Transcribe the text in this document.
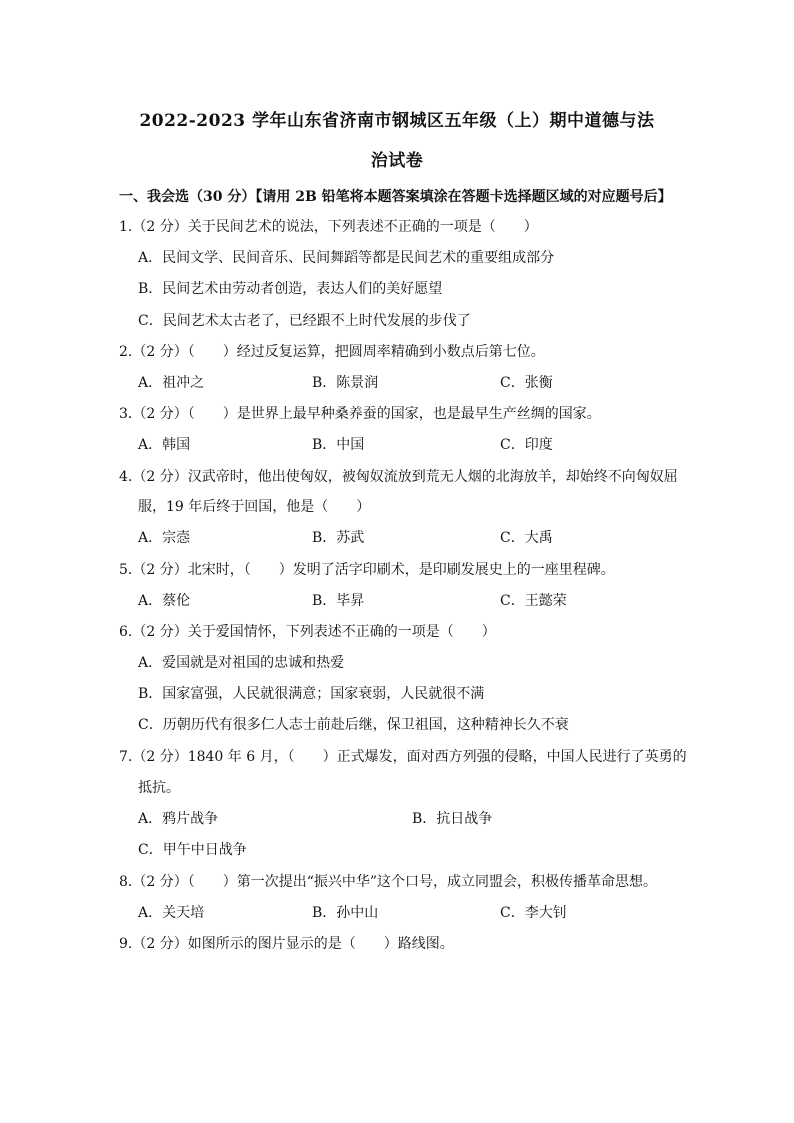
2022-2023 学年山东省济南市钢城区五年级（上）期中道德与法
治试卷
一、我会选（30 分）【请用 2B 铅笔将本题答案填涂在答题卡选择题区域的对应题号后】
1.（2 分）关于民间艺术的说法，下列表述不正确的一项是（　　）
A．民间文学、民间音乐、民间舞蹈等都是民间艺术的重要组成部分
B．民间艺术由劳动者创造，表达人们的美好愿望
C．民间艺术太古老了，已经跟不上时代发展的步伐了
2.（2 分）（　　）经过反复运算，把圆周率精确到小数点后第七位。
A．祖冲之	B．陈景润	C．张衡
3.（2 分）（　　）是世界上最早种桑养蚕的国家，也是最早生产丝绸的国家。
A．韩国	B．中国	C．印度
4.（2 分）汉武帝时，他出使匈奴，被匈奴流放到荒无人烟的北海放羊，却始终不向匈奴屈
服，19 年后终于回国，他是（　　）
A．宗悫	B．苏武	C．大禹
5.（2 分）北宋时，（　　）发明了活字印刷术，是印刷发展史上的一座里程碑。
A．蔡伦	B．毕昇	C．王懿荣
6.（2 分）关于爱国情怀，下列表述不正确的一项是（　　）
A．爱国就是对祖国的忠诚和热爱
B．国家富强，人民就很满意；国家衰弱，人民就很不满
C．历朝历代有很多仁人志士前赴后继，保卫祖国，这种精神长久不衰
7.（2 分）1840 年 6 月，（　　）正式爆发，面对西方列强的侵略，中国人民进行了英勇的
抵抗。
A．鸦片战争	B．抗日战争
C．甲午中日战争
8.（2 分）（　　）第一次提出“振兴中华”这个口号，成立同盟会，积极传播革命思想。
A．关天培	B．孙中山	C．李大钊
9.（2 分）如图所示的图片显示的是（　　）路线图。
